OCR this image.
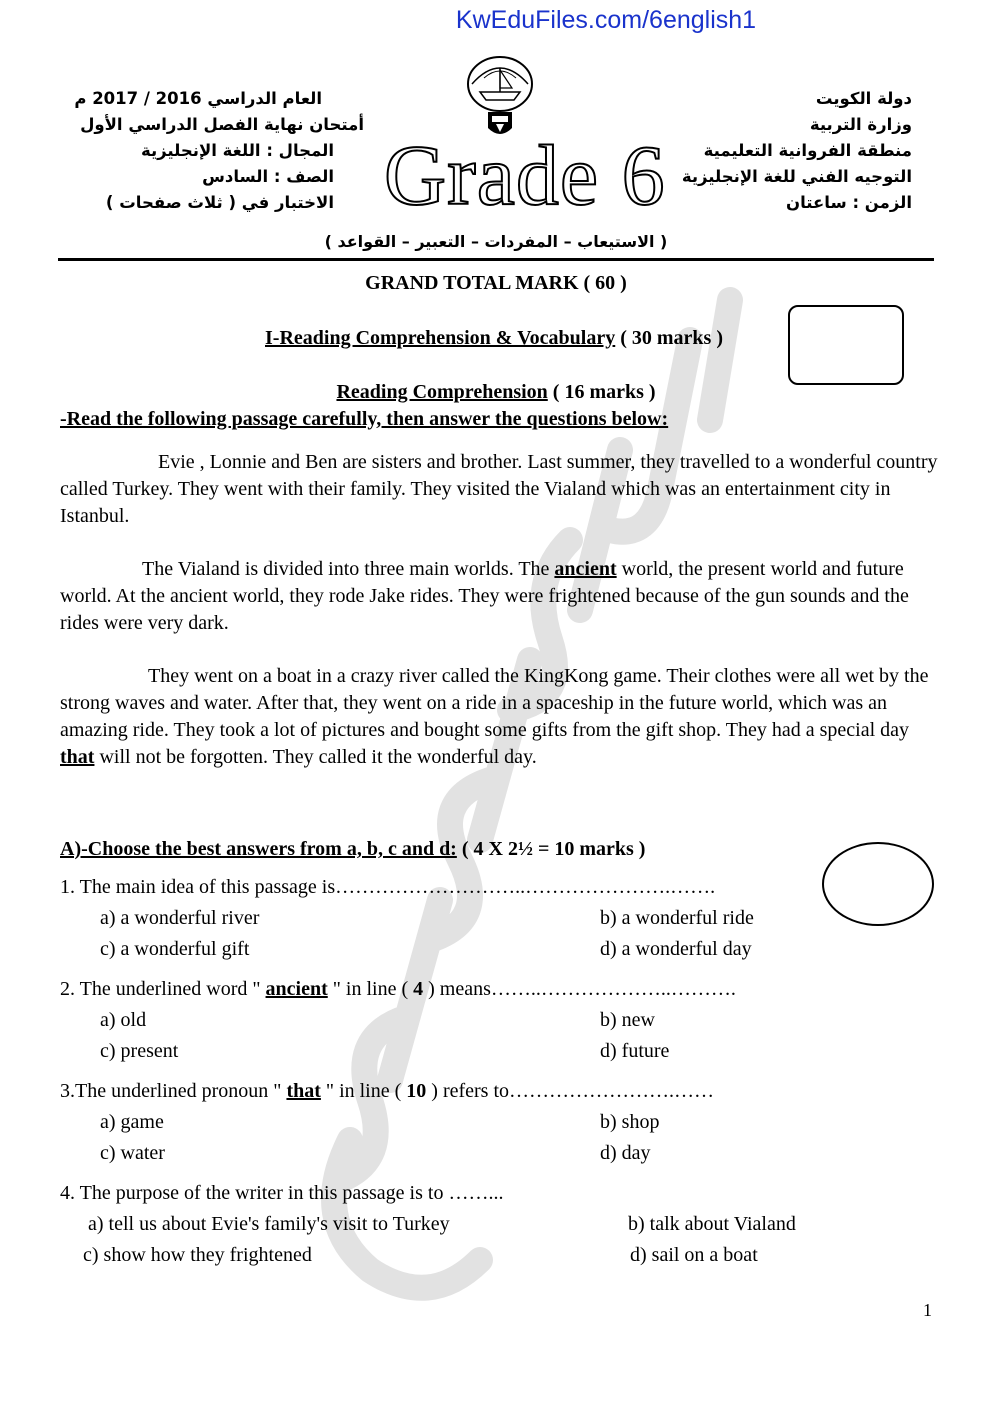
KwEduFiles.com/6english1
دولة الكويت
وزارة التربية
منطقة الفروانية التعليمية
التوجيه الفني للغة الإنجليزية
الزمن : ساعتان
العام الدراسي 2016 / 2017 م
أمتحان نهاية الفصل الدراسي الأول
المجال : اللغة الإنجليزية
الصف : السادس
الاختبار في ( ثلاث صفحات ) Grade 6
( الاستيعاب – المفردات – التعبير – القواعد )
GRAND TOTAL MARK ( 60 )
I-Reading Comprehension & Vocabulary ( 30 marks )
Reading Comprehension ( 16 marks )
-Read the following passage carefully, then answer the questions below:
Evie , Lonnie and Ben are sisters and brother. Last summer, they travelled to a wonderful country called Turkey. They went with their family. They visited the Vialand which was an entertainment city in Istanbul.
The Vialand is divided into three main worlds. The ancient world, the present world and future world. At the ancient world, they rode Jake rides. They were frightened because of the gun sounds and the rides were very dark.
They went on a boat in a crazy river called the KingKong game. Their clothes were all wet by the strong waves and water. After that, they went on a ride in a spaceship in the future world, which was an amazing ride. They took a lot of pictures and bought some gifts from the gift shop. They had a special day that will not be forgotten. They called it the wonderful day.
A)-Choose the best answers from a, b, c and d: ( 4 X 2½ = 10 marks )
1. The main idea of this passage is………………………..………………….…….
a) a wonderful river	b) a wonderful ride
c) a wonderful gift	d) a wonderful day
2. The underlined word " ancient " in line ( 4 ) means……..………………..……….
a) old	b) new
c) present	d) future
3.The underlined pronoun " that " in line ( 10 ) refers to…………………….……
a) game	b) shop
c) water	d) day
4. The purpose of the writer in this passage is to ……...
a) tell us about Evie's family's visit to Turkey	b) talk about Vialand
c) show how they frightened	d) sail on a boat
1
